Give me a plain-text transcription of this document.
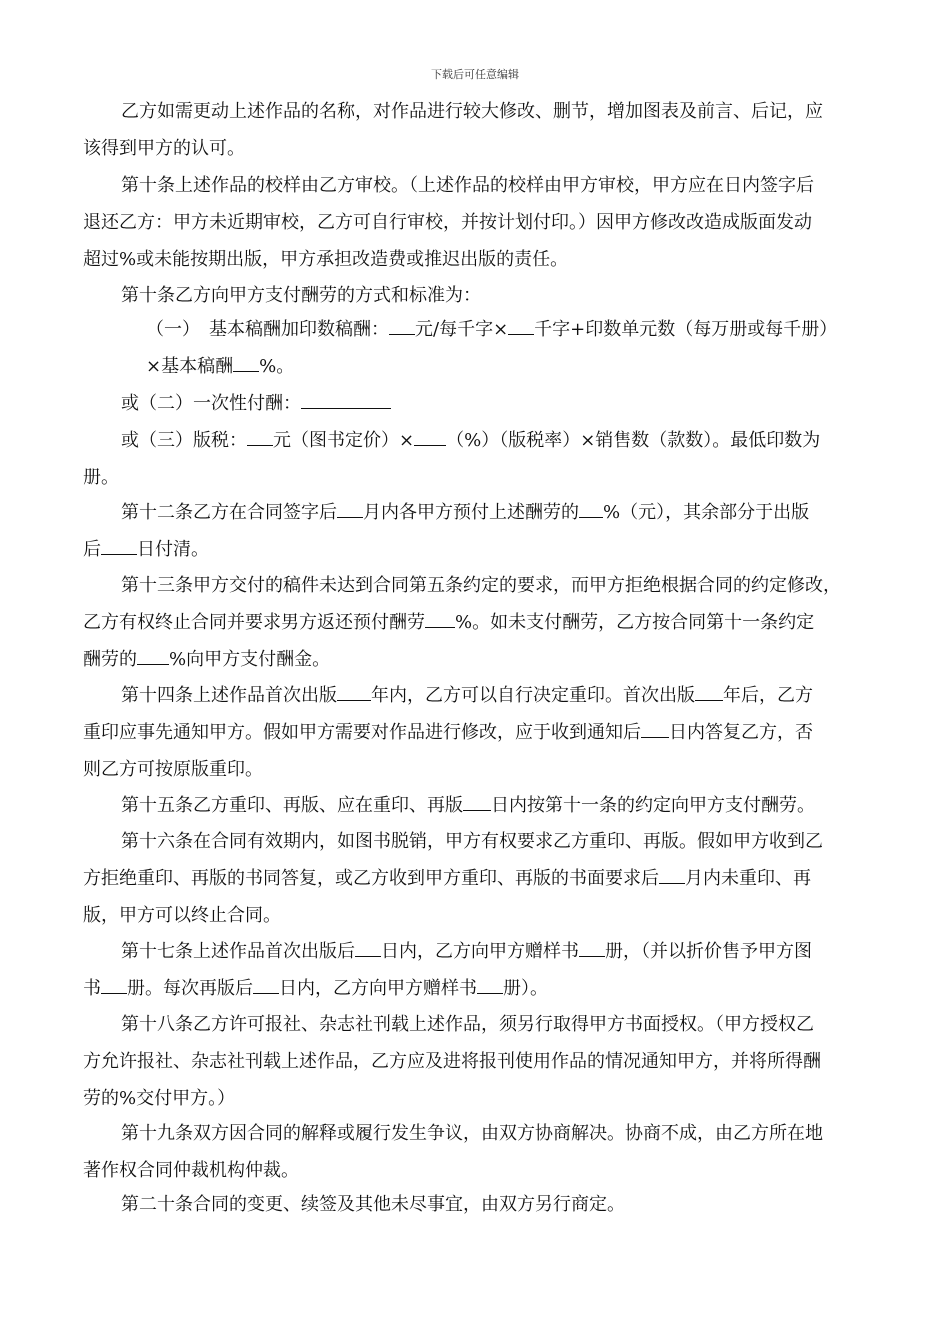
下载后可任意编辑
乙方如需更动上述作品的名称，对作品进行较大修改、删节，增加图表及前言、后记，应
该得到甲方的认可。
第十条上述作品的校样由乙方审校。（上述作品的校样由甲方审校，甲方应在日内签字后
退还乙方：甲方未近期审校，乙方可自行审校，并按计划付印。）因甲方修改改造成版面发动
超过%或未能按期出版，甲方承担改造费或推迟出版的责任。
第十条乙方向甲方支付酬劳的方式和标准为：
（一）　基本稿酬加印数稿酬： 元/每千字× 千字+印数单元数（每万册或每千册）
×基本稿酬 %。
或（二）一次性付酬：
或（三）版税： 元（图书定价）× （%）（版税率）×销售数（款数）。最低印数为
册。
第十二条乙方在合同签字后 月内各甲方预付上述酬劳的 %（元），其余部分于出版
后 日付清。
第十三条甲方交付的稿件未达到合同第五条约定的要求，而甲方拒绝根据合同的约定修改，
乙方有权终止合同并要求男方返还预付酬劳 %。如未支付酬劳，乙方按合同第十一条约定
酬劳的 %向甲方支付酬金。
第十四条上述作品首次出版 年内，乙方可以自行决定重印。首次出版 年后，乙方
重印应事先通知甲方。假如甲方需要对作品进行修改，应于收到通知后 日内答复乙方，否
则乙方可按原版重印。
第十五条乙方重印、再版、应在重印、再版 日内按第十一条的约定向甲方支付酬劳。
第十六条在合同有效期内，如图书脱销，甲方有权要求乙方重印、再版。假如甲方收到乙
方拒绝重印、再版的书同答复，或乙方收到甲方重印、再版的书面要求后 月内未重印、再
版，甲方可以终止合同。
第十七条上述作品首次出版后 日内，乙方向甲方赠样书 册，（并以折价售予甲方图
书 册。每次再版后 日内，乙方向甲方赠样书 册）。
第十八条乙方许可报社、杂志社刊载上述作品，须另行取得甲方书面授权。（甲方授权乙
方允许报社、杂志社刊载上述作品，乙方应及进将报刊使用作品的情况通知甲方，并将所得酬
劳的%交付甲方。）
第十九条双方因合同的解释或履行发生争议，由双方协商解决。协商不成，由乙方所在地
著作权合同仲裁机构仲裁。
第二十条合同的变更、续签及其他未尽事宜，由双方另行商定。
